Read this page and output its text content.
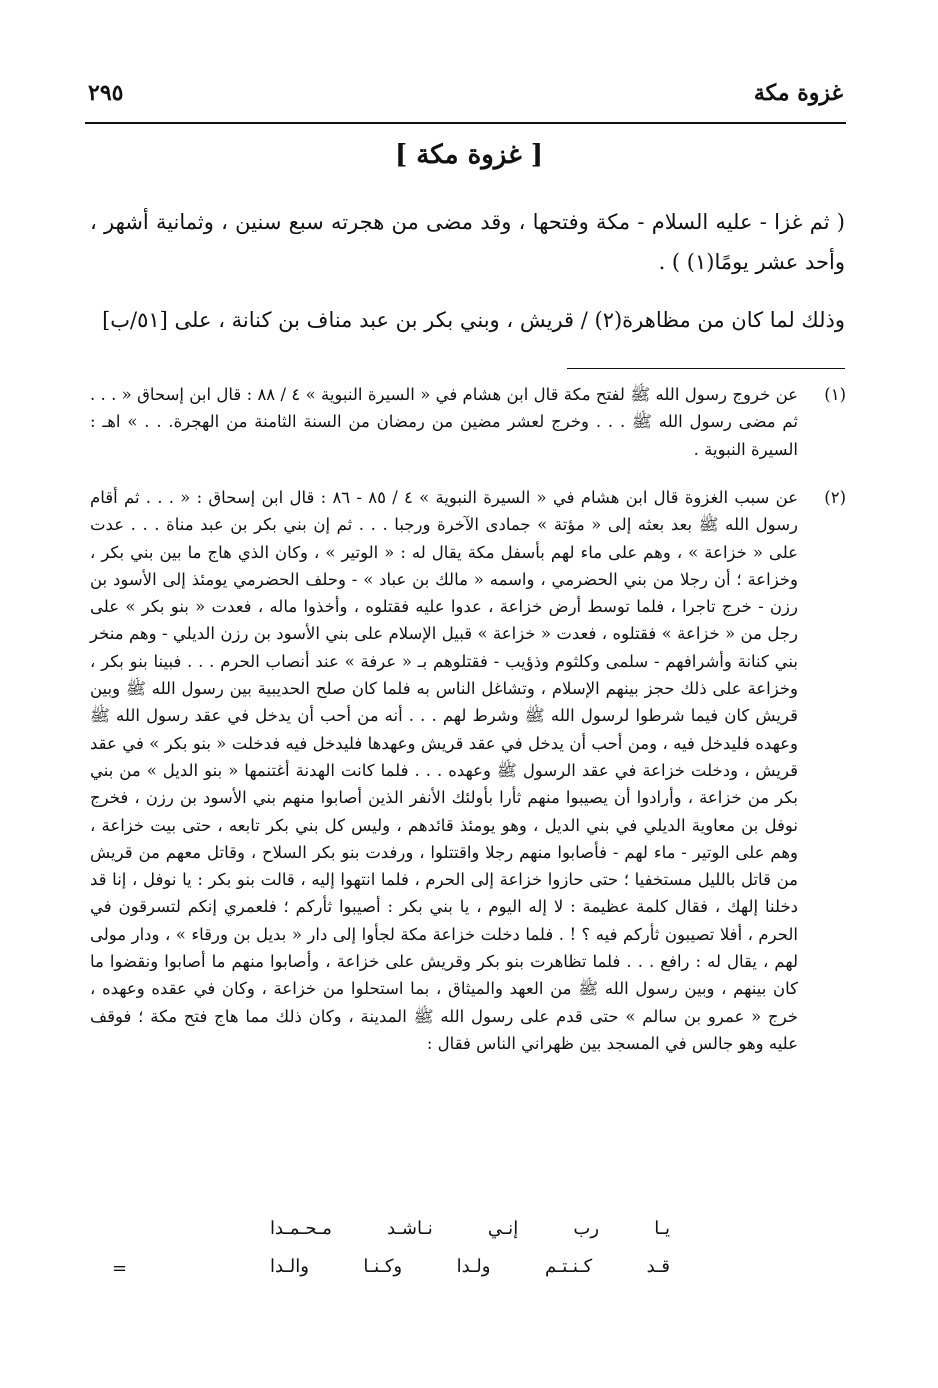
غزوة مكة
٢٩٥
[ غزوة مكة ]
( ثم غزا - عليه السلام - مكة وفتحها ، وقد مضى من هجرته سبع سنين ، وثمانية أشهر ، وأحد عشر يومًا(١) ) .
وذلك لما كان من مظاهرة(٢) / قريش ، وبني بكر بن عبد مناف بن كنانة ، على [٥١/ب]
(١)
عن خروج رسول الله ﷺ لفتح مكة قال ابن هشام في « السيرة النبوية » ٤ / ٨٨ : قال ابن إسحاق « . . . ثم مضى رسول الله ﷺ . . . وخرج لعشر مضين من رمضان من السنة الثامنة من الهجرة. . . » اهـ : السيرة النبوية .
(٢)
عن سبب الغزوة قال ابن هشام في « السيرة النبوية » ٤ / ٨٥ - ٨٦ : قال ابن إسحاق : « . . . ثم أقام رسول الله ﷺ بعد بعثه إلى « مؤتة » جمادى الآخرة ورجبا . . . ثم إن بني بكر بن عبد مناة . . . عدت على « خزاعة » ، وهم على ماء لهم بأسفل مكة يقال له : « الوتير » ، وكان الذي هاج ما بين بني بكر ، وخزاعة ؛ أن رجلا من بني الحضرمي ، واسمه « مالك بن عباد » - وحلف الحضرمي يومئذ إلى الأسود بن رزن - خرج تاجرا ، فلما توسط أرض خزاعة ، عدوا عليه فقتلوه ، وأخذوا ماله ، فعدت « بنو بكر » على رجل من « خزاعة » فقتلوه ، فعدت « خزاعة » قبيل الإسلام على بني الأسود بن رزن الديلي - وهم منخر بني كنانة وأشرافهم - سلمى وكلثوم وذؤيب - فقتلوهم بـ « عرفة » عند أنصاب الحرم . . . فبينا بنو بكر ، وخزاعة على ذلك حجز بينهم الإسلام ، وتشاغل الناس به فلما كان صلح الحديبية بين رسول الله ﷺ وبين قريش كان فيما شرطوا لرسول الله ﷺ وشرط لهم . . . أنه من أحب أن يدخل في عقد رسول الله ﷺ وعهده فليدخل فيه ، ومن أحب أن يدخل في عقد قريش وعهدها فليدخل فيه فدخلت « بنو بكر » في عقد قريش ، ودخلت خزاعة في عقد الرسول ﷺ وعهده . . . فلما كانت الهدنة أغتنمها « بنو الديل » من بني بكر من خزاعة ، وأرادوا أن يصيبوا منهم ثأرا بأولئك الأنفر الذين أصابوا منهم بني الأسود بن رزن ، فخرج نوفل بن معاوية الديلي في بني الديل ، وهو يومئذ قائدهم ، وليس كل بني بكر تابعه ، حتى بيت خزاعة ، وهم على الوتير - ماء لهم - فأصابوا منهم رجلا واقتتلوا ، ورفدت بنو بكر السلاح ، وقاتل معهم من قريش من قاتل بالليل مستخفيا ؛ حتى حازوا خزاعة إلى الحرم ، فلما انتهوا إليه ، قالت بنو بكر : يا نوفل ، إنا قد دخلنا إلهك ، فقال كلمة عظيمة : لا إله اليوم ، يا بني بكر : أصيبوا ثأركم ؛ فلعمري إنكم لتسرقون في الحرم ، أفلا تصيبون ثأركم فيه ؟ ! . فلما دخلت خزاعة مكة لجأوا إلى دار « بديل بن ورقاء » ، ودار مولى لهم ، يقال له : رافع . . . فلما تظاهرت بنو بكر وقريش على خزاعة ، وأصابوا منهم ما أصابوا ونقضوا ما كان بينهم ، وبين رسول الله ﷺ من العهد والميثاق ، بما استحلوا من خزاعة ، وكان في عقده وعهده ، خرج « عمرو بن سالم » حتى قدم على رسول الله ﷺ المدينة ، وكان ذلك مما هاج فتح مكة ؛ فوقف عليه وهو جالس في المسجد بين ظهراني الناس فقال :
يـا رب إنـي نـاشـد مـحـمـدا
قـد كـنـتـم ولـدا وكـنـا والـدا
=
